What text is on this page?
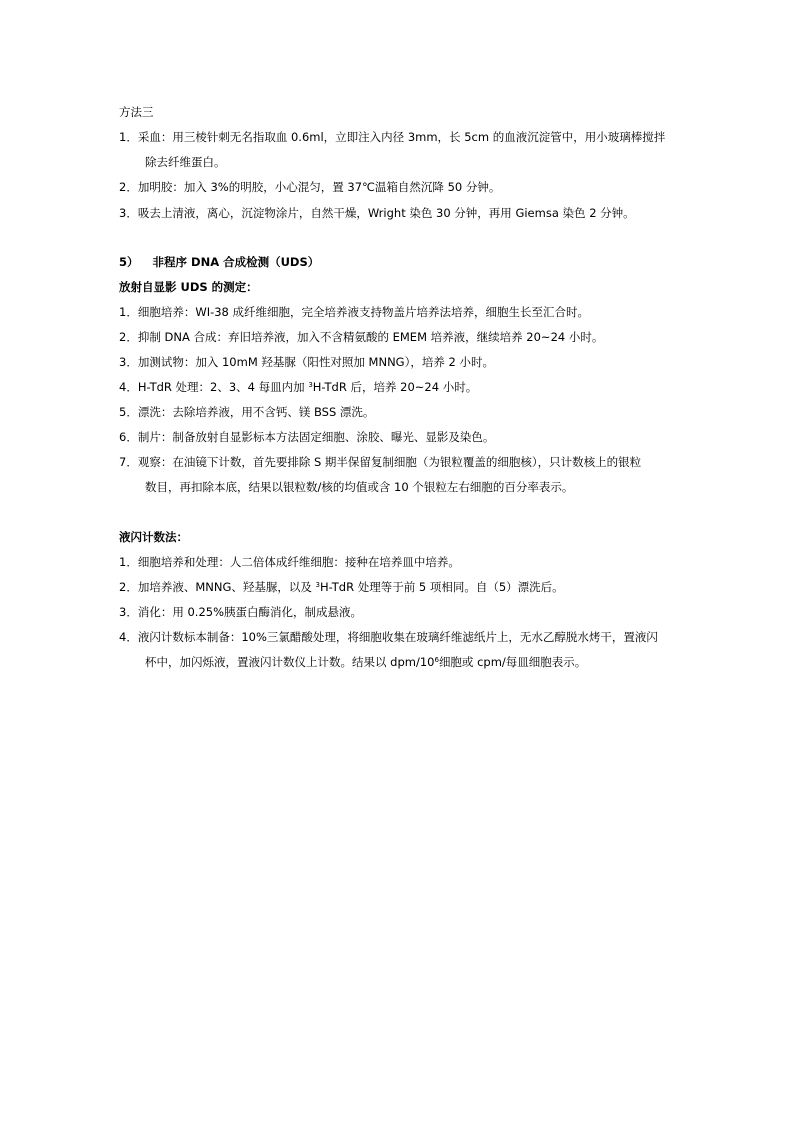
方法三
1．采血：用三棱针刺无名指取血 0.6ml，立即注入内径 3mm，长 5cm 的血液沉淀管中，用小玻璃棒搅拌
除去纤维蛋白。
2．加明胶：加入 3%的明胶，小心混匀，置 37℃温箱自然沉降 50 分钟。
3．吸去上清液，离心，沉淀物涂片，自然干燥，Wright 染色 30 分钟，再用 Giemsa 染色 2 分钟。
5） 非程序 DNA 合成检测（UDS）
放射自显影 UDS 的测定：
1．细胞培养：WI-38 成纤维细胞，完全培养液支持物盖片培养法培养，细胞生长至汇合时。
2．抑制 DNA 合成：弃旧培养液，加入不含精氨酸的 EMEM 培养液，继续培养 20~24 小时。
3．加测试物：加入 10mM 羟基脲（阳性对照加 MNNG），培养 2 小时。
4．H-TdR 处理：2、3、4 每皿内加 $^3$H-TdR 后，培养 20~24 小时。
5．漂洗：去除培养液，用不含钙、镁 BSS 漂洗。
6．制片：制备放射自显影标本方法固定细胞、涂胶、曝光、显影及染色。
7．观察：在油镜下计数，首先要排除 S 期半保留复制细胞（为银粒覆盖的细胞核），只计数核上的银粒
数目，再扣除本底，结果以银粒数/核的均值或含 10 个银粒左右细胞的百分率表示。
液闪计数法：
1．细胞培养和处理：人二倍体成纤维细胞：接种在培养皿中培养。
2．加培养液、MNNG、羟基脲，以及 $^3$H-TdR 处理等于前 5 项相同。自（5）漂洗后。
3．消化：用 0.25%胰蛋白酶消化，制成悬液。
4．液闪计数标本制备：10%三氯醋酸处理，将细胞收集在玻璃纤维滤纸片上，无水乙醇脱水烤干，置液闪
杯中，加闪烁液，置液闪计数仪上计数。结果以 dpm/$10^6$细胞或 cpm/每皿细胞表示。
